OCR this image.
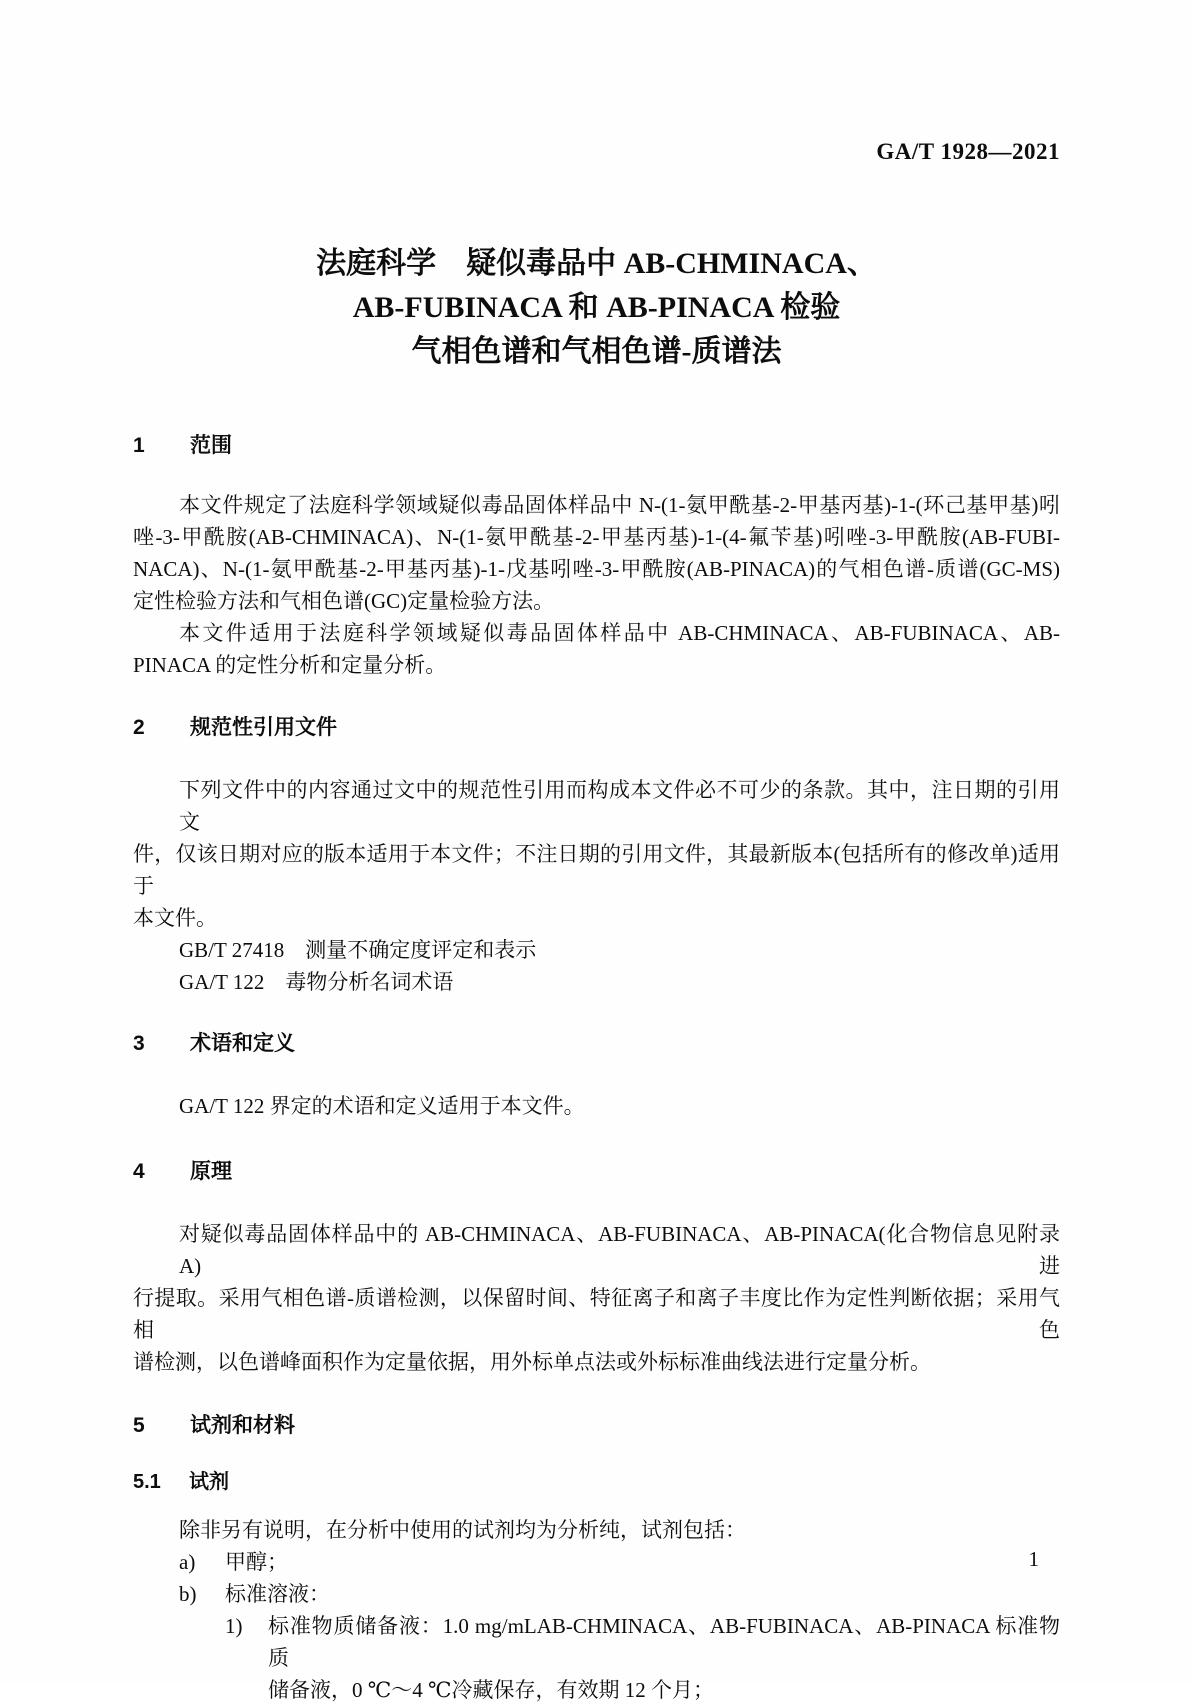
GA/T 1928—2021
法庭科学　疑似毒品中 AB-CHMINACA、
AB-FUBINACA 和 AB-PINACA 检验
气相色谱和气相色谱-质谱法
1 范围
本文件规定了法庭科学领域疑似毒品固体样品中 N-(1-氨甲酰基-2-甲基丙基)-1-(环己基甲基)吲
唑-3-甲酰胺(AB-CHMINACA)、N-(1-氨甲酰基-2-甲基丙基)-1-(4-氟苄基)吲唑-3-甲酰胺(AB-FUBI-
NACA)、N-(1-氨甲酰基-2-甲基丙基)-1-戊基吲唑-3-甲酰胺(AB-PINACA)的气相色谱-质谱(GC-MS)
定性检验方法和气相色谱(GC)定量检验方法。
本文件适用于法庭科学领域疑似毒品固体样品中 AB-CHMINACA、AB-FUBINACA、AB-
PINACA 的定性分析和定量分析。
2 规范性引用文件
下列文件中的内容通过文中的规范性引用而构成本文件必不可少的条款。其中，注日期的引用文
件，仅该日期对应的版本适用于本文件；不注日期的引用文件，其最新版本(包括所有的修改单)适用于
本文件。
GB/T 27418　测量不确定度评定和表示
GA/T 122　毒物分析名词术语
3 术语和定义
GA/T 122 界定的术语和定义适用于本文件。
4 原理
对疑似毒品固体样品中的 AB-CHMINACA、AB-FUBINACA、AB-PINACA(化合物信息见附录 A)进
行提取。采用气相色谱-质谱检测，以保留时间、特征离子和离子丰度比作为定性判断依据；采用气相色
谱检测，以色谱峰面积作为定量依据，用外标单点法或外标标准曲线法进行定量分析。
5 试剂和材料
5.1 试剂
除非另有说明，在分析中使用的试剂均为分析纯，试剂包括：
a) 甲醇；
b) 标准溶液：
1) 标准物质储备液：1.0 mg/mLAB-CHMINACA、AB-FUBINACA、AB-PINACA 标准物质
储备液，0 ℃～4 ℃冷藏保存，有效期 12 个月；
1
